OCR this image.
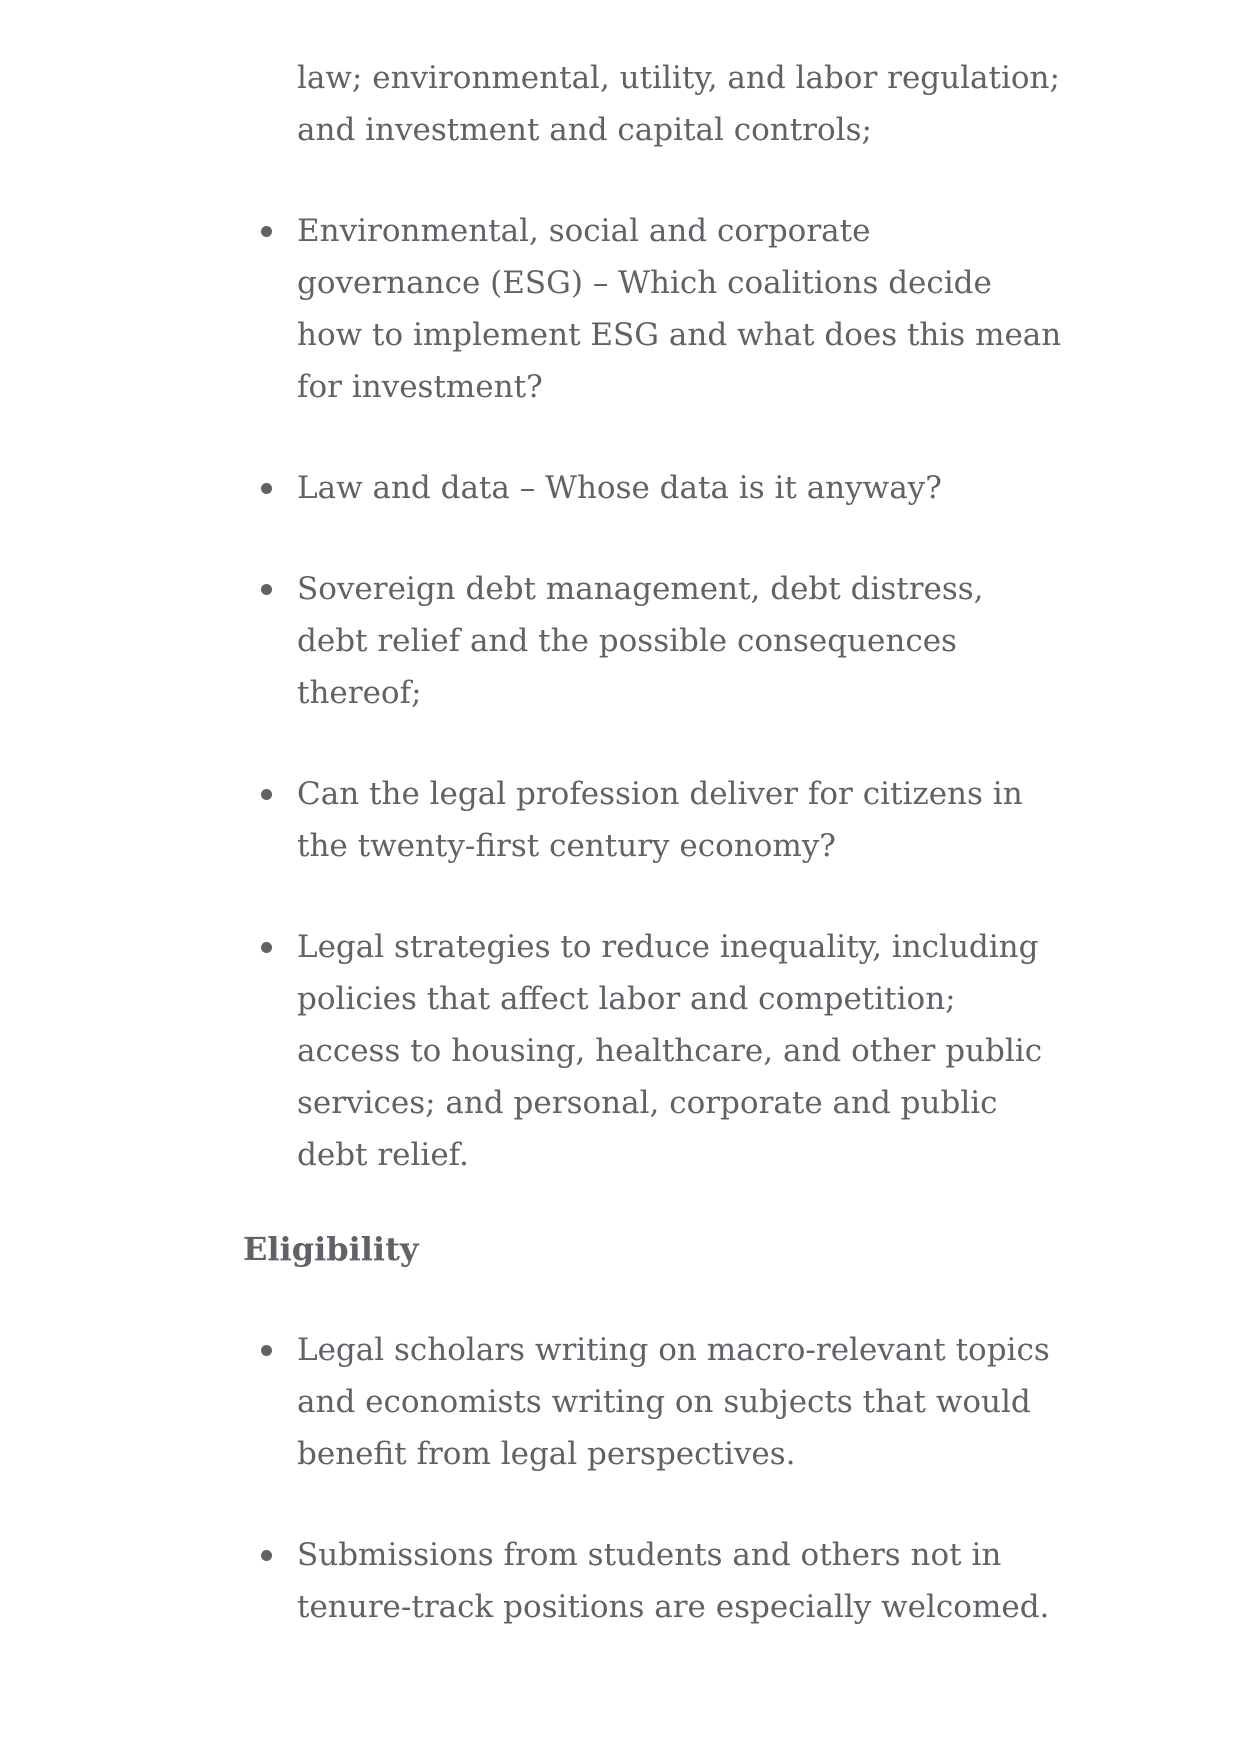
law; environmental, utility, and labor regulation; and investment and capital controls;

Environmental, social and corporate governance (ESG) – Which coalitions decide how to implement ESG and what does this mean for investment?
Law and data – Whose data is it anyway?
Sovereign debt management, debt distress, debt relief and the possible consequences thereof;
Can the legal profession deliver for citizens in the twenty-first century economy?
Legal strategies to reduce inequality, including policies that affect labor and competition; access to housing, healthcare, and other public services; and personal, corporate and public debt relief.
Eligibility
Legal scholars writing on macro-relevant topics and economists writing on subjects that would benefit from legal perspectives.
Submissions from students and others not in tenure-track positions are especially welcomed.
